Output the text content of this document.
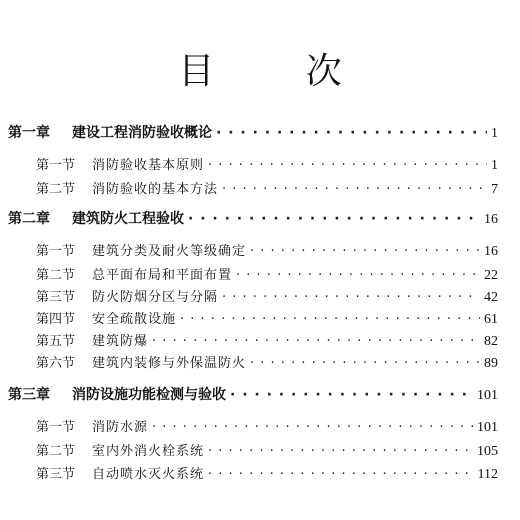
目 次
第一章	建设工程消防验收概论 · · ·	1
第一节	消防验收基本原则 · · ·	1
第二节	消防验收的基本方法 · · ·	7
第二章	建筑防火工程验收 · · ·	16
第一节	建筑分类及耐火等级确定 · · ·	16
第二节	总平面布局和平面布置 · · ·	22
第三节	防火防烟分区与分隔 · · ·	42
第四节	安全疏散设施 · · ·	61
第五节	建筑防爆 · · ·	82
第六节	建筑内装修与外保温防火 · · ·	89
第三章	消防设施功能检测与验收 · · ·	101
第一节	消防水源 · · ·	101
第二节	室内外消火栓系统 · · ·	105
第三节	自动喷水灭火系统 · · ·	112
